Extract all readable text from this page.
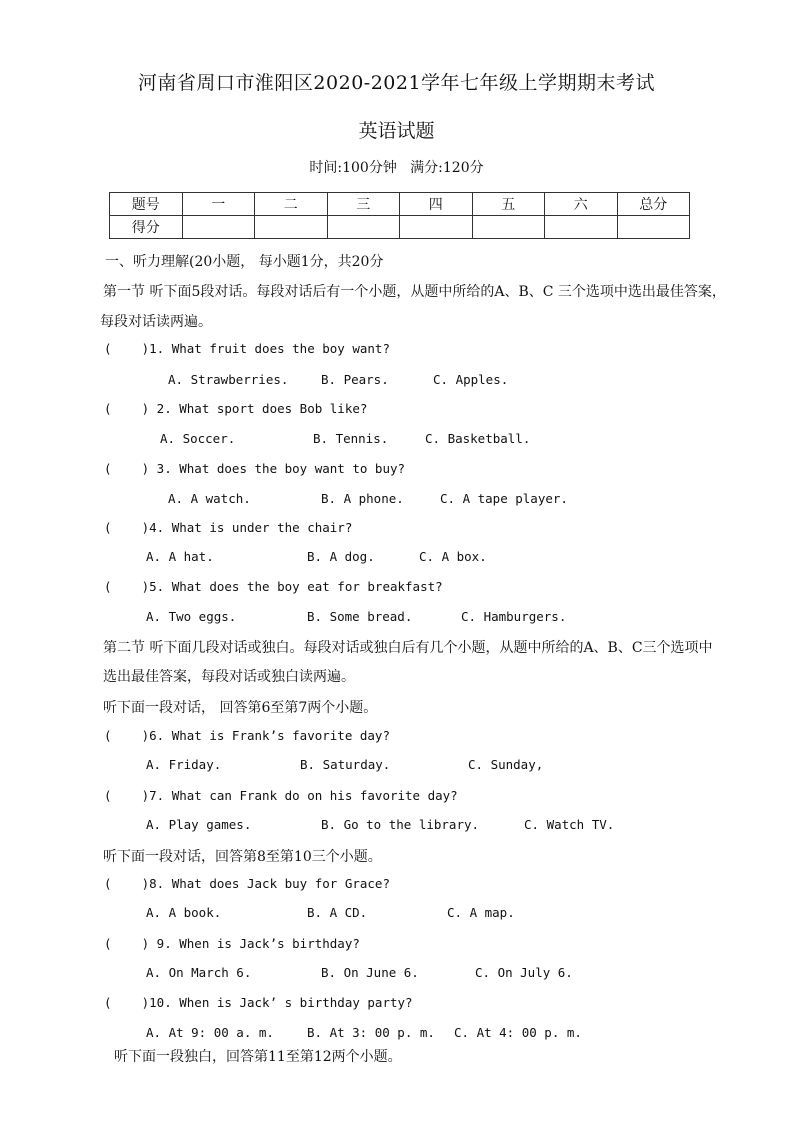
河南省周口市淮阳区2020-2021学年七年级上学期期末考试
英语试题
时间:100分钟   满分:120分
题号	一	二	三	四	五	六	总分
得分							
一、听力理解(20小题， 每小题1分，共20分
第一节 听下面5段对话。每段对话后有一个小题，从题中所给的A、B、C 三个选项中选出最佳答案，
每段对话读两遍。
(    )1. What fruit does the boy want?
A. Strawberries.	B. Pears.	C. Apples.
(    ) 2. What sport does Bob like?
A. Soccer.	B. Tennis.	C. Basketball.
(    ) 3. What does the boy want to buy?
A. A watch.	B. A phone.	C. A tape player.
(    )4. What is under the chair?
A. A hat.	B. A dog.	C. A box.
(    )5. What does the boy eat for breakfast?
A. Two eggs.	B. Some bread.	C. Hamburgers.
第二节 听下面几段对话或独白。每段对话或独白后有几个小题，从题中所给的A、B、C三个选项中
选出最佳答案，每段对话或独白读两遍。
听下面一段对话， 回答第6至第7两个小题。
(    )6. What is Frank’s favorite day?
A. Friday.	B. Saturday.	C. Sunday,
(    )7. What can Frank do on his favorite day?
A. Play games.	B. Go to the library.	C. Watch TV.
听下面一段对话，回答第8至第10三个小题。
(    )8. What does Jack buy for Grace?
A. A book.	B. A CD.	C. A map.
(    ) 9. When is Jack’s birthday?
A. On March 6.	B. On June 6.	C. On July 6.
(    )10. When is Jack’ s birthday party?
A. At 9: 00 a. m.	B. At 3: 00 p. m. C. At 4: 00 p. m.
听下面一段独白，回答第11至第12两个小题。
